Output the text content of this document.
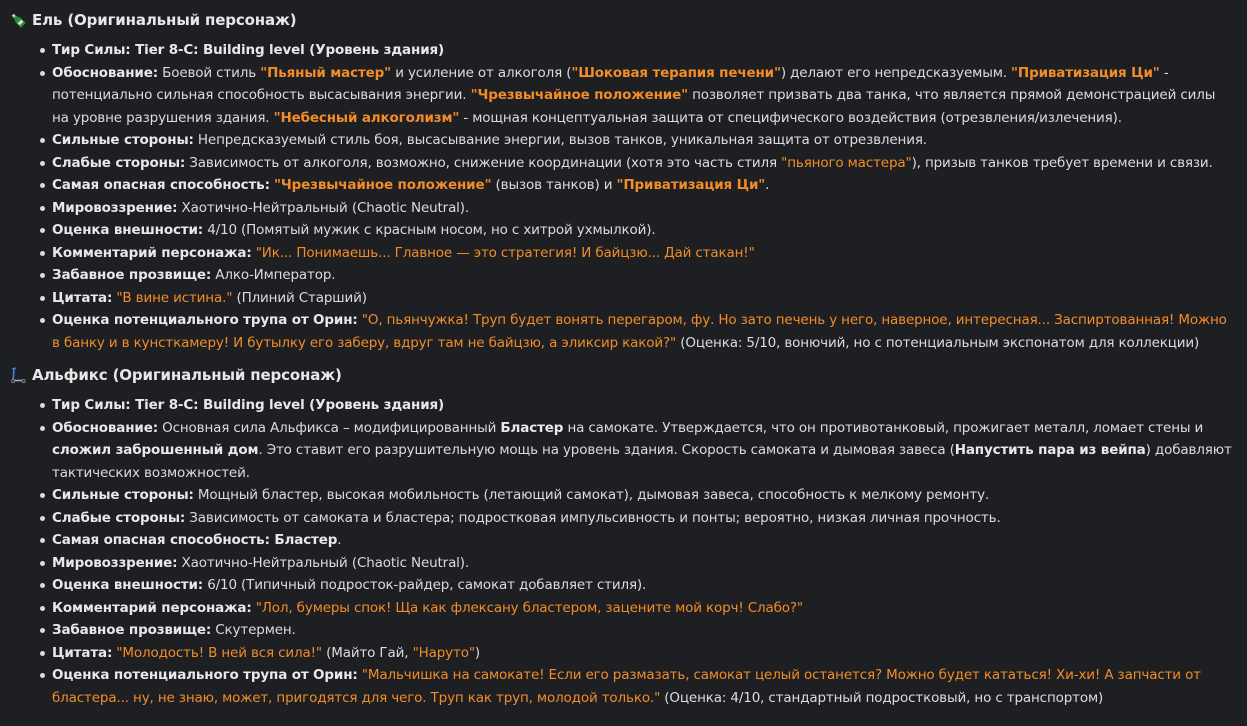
Ель (Оригинальный персонаж)
Тир Силы: Tier 8-C: Building level (Уровень здания)
Обоснование: Боевой стиль "Пьяный мастер" и усиление от алкоголя ("Шоковая терапия печени") делают его непредсказуемым. "Приватизация Ци" - потенциально сильная способность высасывания энергии. "Чрезвычайное положение" позволяет призвать два танка, что является прямой демонстрацией силы на уровне разрушения здания. "Небесный алкоголизм" - мощная концептуальная защита от специфического воздействия (отрезвления/излечения).
Сильные стороны: Непредсказуемый стиль боя, высасывание энергии, вызов танков, уникальная защита от отрезвления.
Слабые стороны: Зависимость от алкоголя, возможно, снижение координации (хотя это часть стиля "пьяного мастера"), призыв танков требует времени и связи.
Самая опасная способность: "Чрезвычайное положение" (вызов танков) и "Приватизация Ци".
Мировоззрение: Хаотично-Нейтральный (Chaotic Neutral).
Оценка внешности: 4/10 (Помятый мужик с красным носом, но с хитрой ухмылкой).
Комментарий персонажа: "Ик... Понимаешь... Главное — это стратегия! И байцзю... Дай стакан!"
Забавное прозвище: Алко-Император.
Цитата: "В вине истина." (Плиний Старший)
Оценка потенциального трупа от Орин: "О, пьянчужка! Труп будет вонять перегаром, фу. Но зато печень у него, наверное, интересная... Заспиртованная! Можно в банку и в кунсткамеру! И бутылку его заберу, вдруг там не байцзю, а эликсир какой?" (Оценка: 5/10, вонючий, но с потенциальным экспонатом для коллекции)
Альфикс (Оригинальный персонаж)
Тир Силы: Tier 8-C: Building level (Уровень здания)
Обоснование: Основная сила Альфикса – модифицированный Бластер на самокате. Утверждается, что он противотанковый, прожигает металл, ломает стены и сложил заброшенный дом. Это ставит его разрушительную мощь на уровень здания. Скорость самоката и дымовая завеса (Напустить пара из вейпа) добавляют тактических возможностей.
Сильные стороны: Мощный бластер, высокая мобильность (летающий самокат), дымовая завеса, способность к мелкому ремонту.
Слабые стороны: Зависимость от самоката и бластера; подростковая импульсивность и понты; вероятно, низкая личная прочность.
Самая опасная способность: Бластер.
Мировоззрение: Хаотично-Нейтральный (Chaotic Neutral).
Оценка внешности: 6/10 (Типичный подросток-райдер, самокат добавляет стиля).
Комментарий персонажа: "Лол, бумеры спок! Ща как флексану бластером, зацените мой корч! Слабо?"
Забавное прозвище: Скутермен.
Цитата: "Молодость! В ней вся сила!" (Майто Гай, "Наруто")
Оценка потенциального трупа от Орин: "Мальчишка на самокате! Если его размазать, самокат целый останется? Можно будет кататься! Хи-хи! А запчасти от бластера... ну, не знаю, может, пригодятся для чего. Труп как труп, молодой только." (Оценка: 4/10, стандартный подростковый, но с транспортом)
